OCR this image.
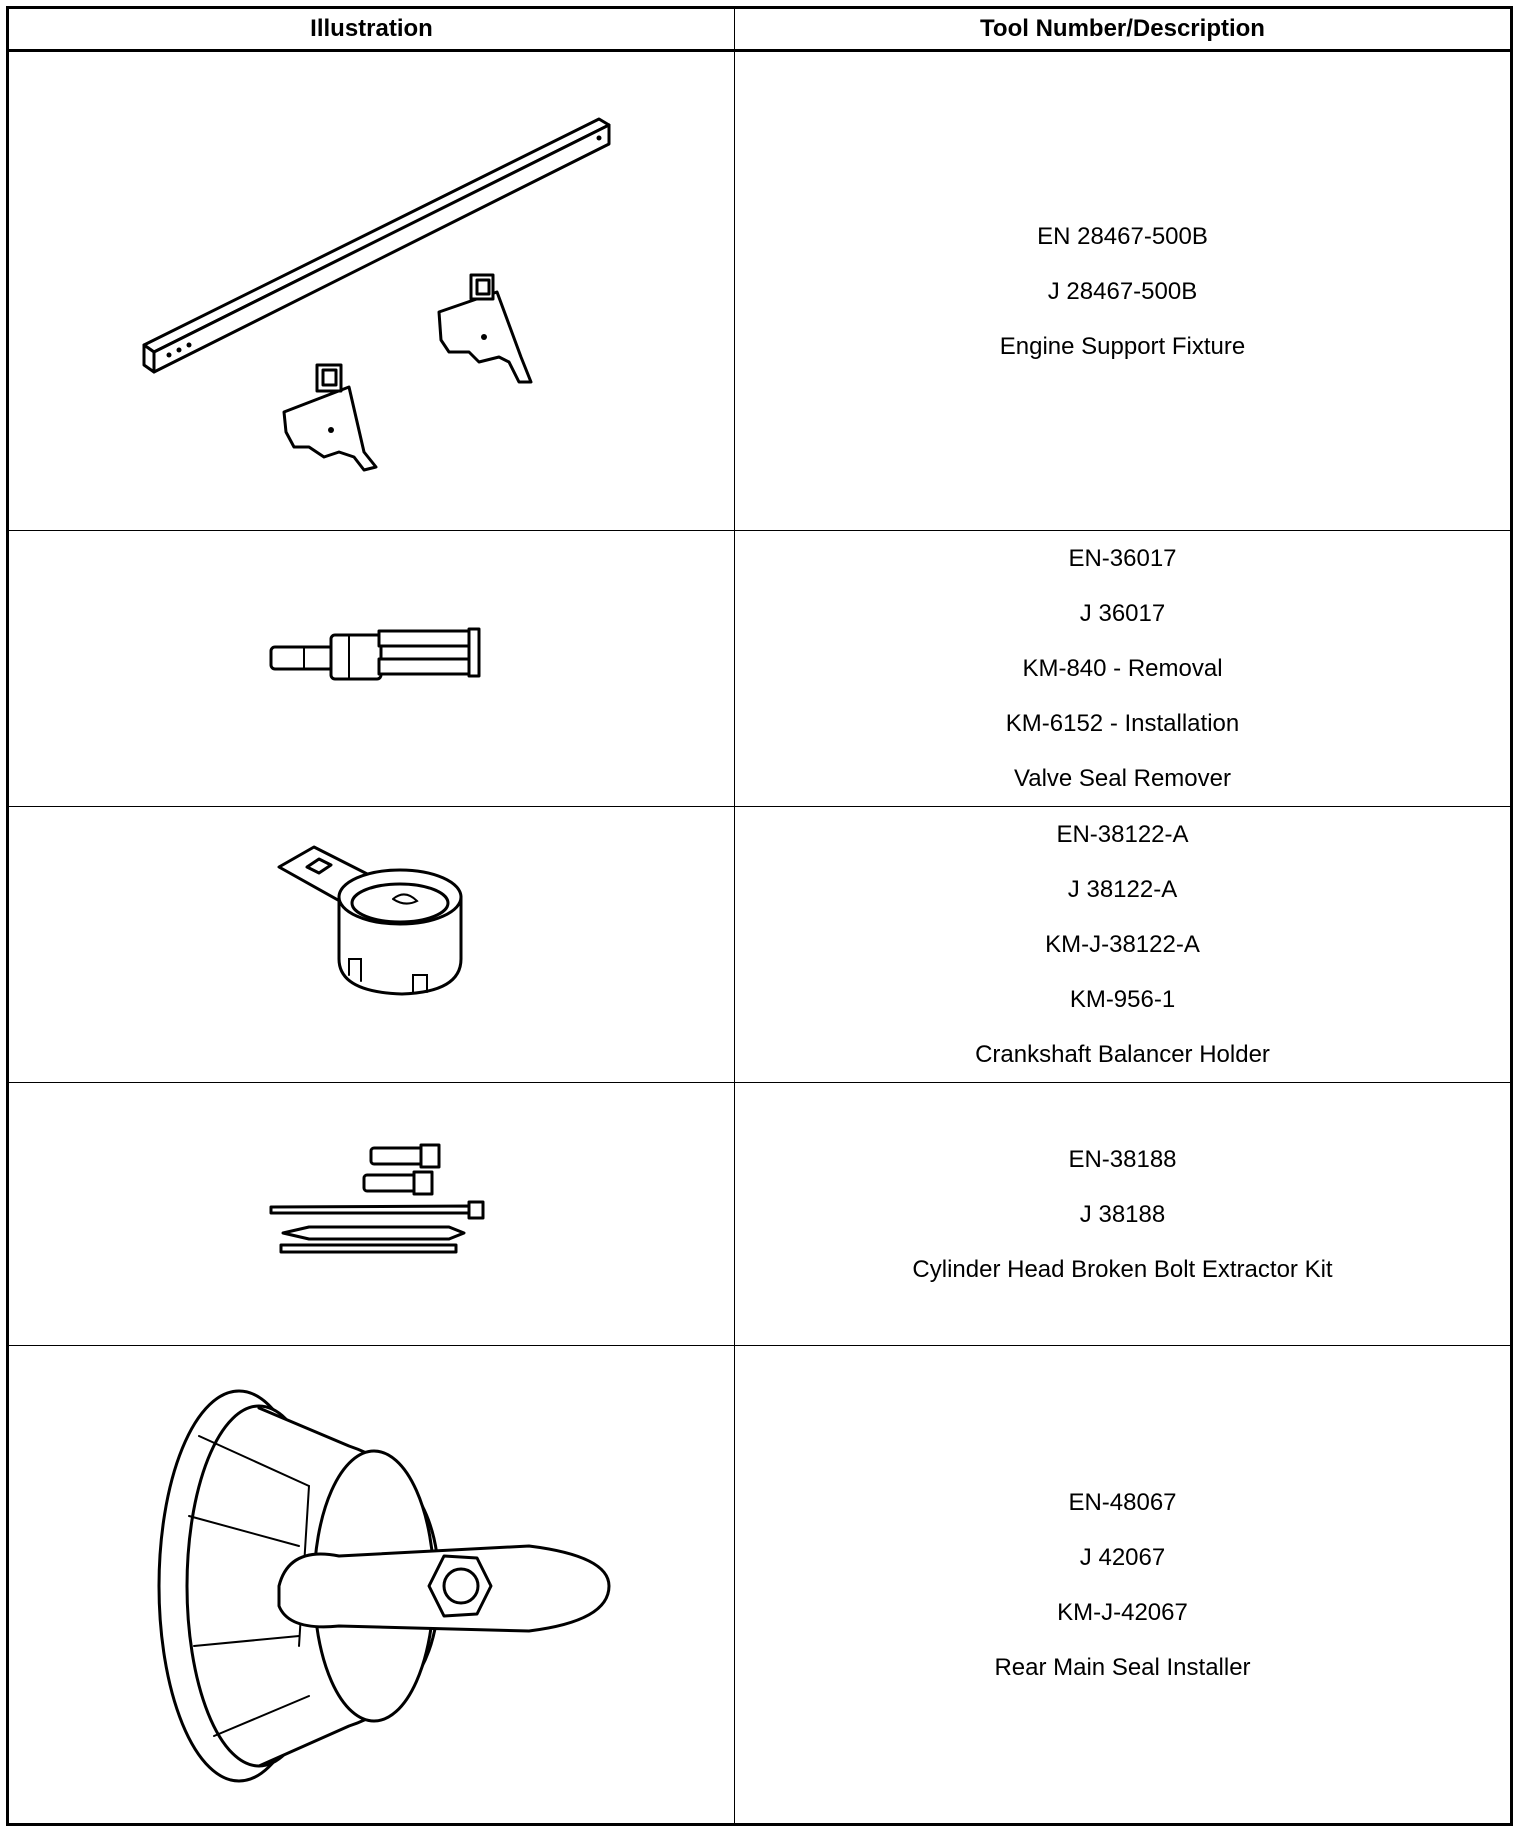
Illustration	Tool Number/Description

EN 28467-500B
J 28467-500B
Engine Support Fixture

EN-36017
J 36017
KM-840 - Removal
KM-6152 - Installation
Valve Seal Remover

EN-38122-A
J 38122-A
KM-J-38122-A
KM-956-1
Crankshaft Balancer Holder

EN-38188
J 38188
Cylinder Head Broken Bolt Extractor Kit

EN-48067
J 42067
KM-J-42067
Rear Main Seal Installer
